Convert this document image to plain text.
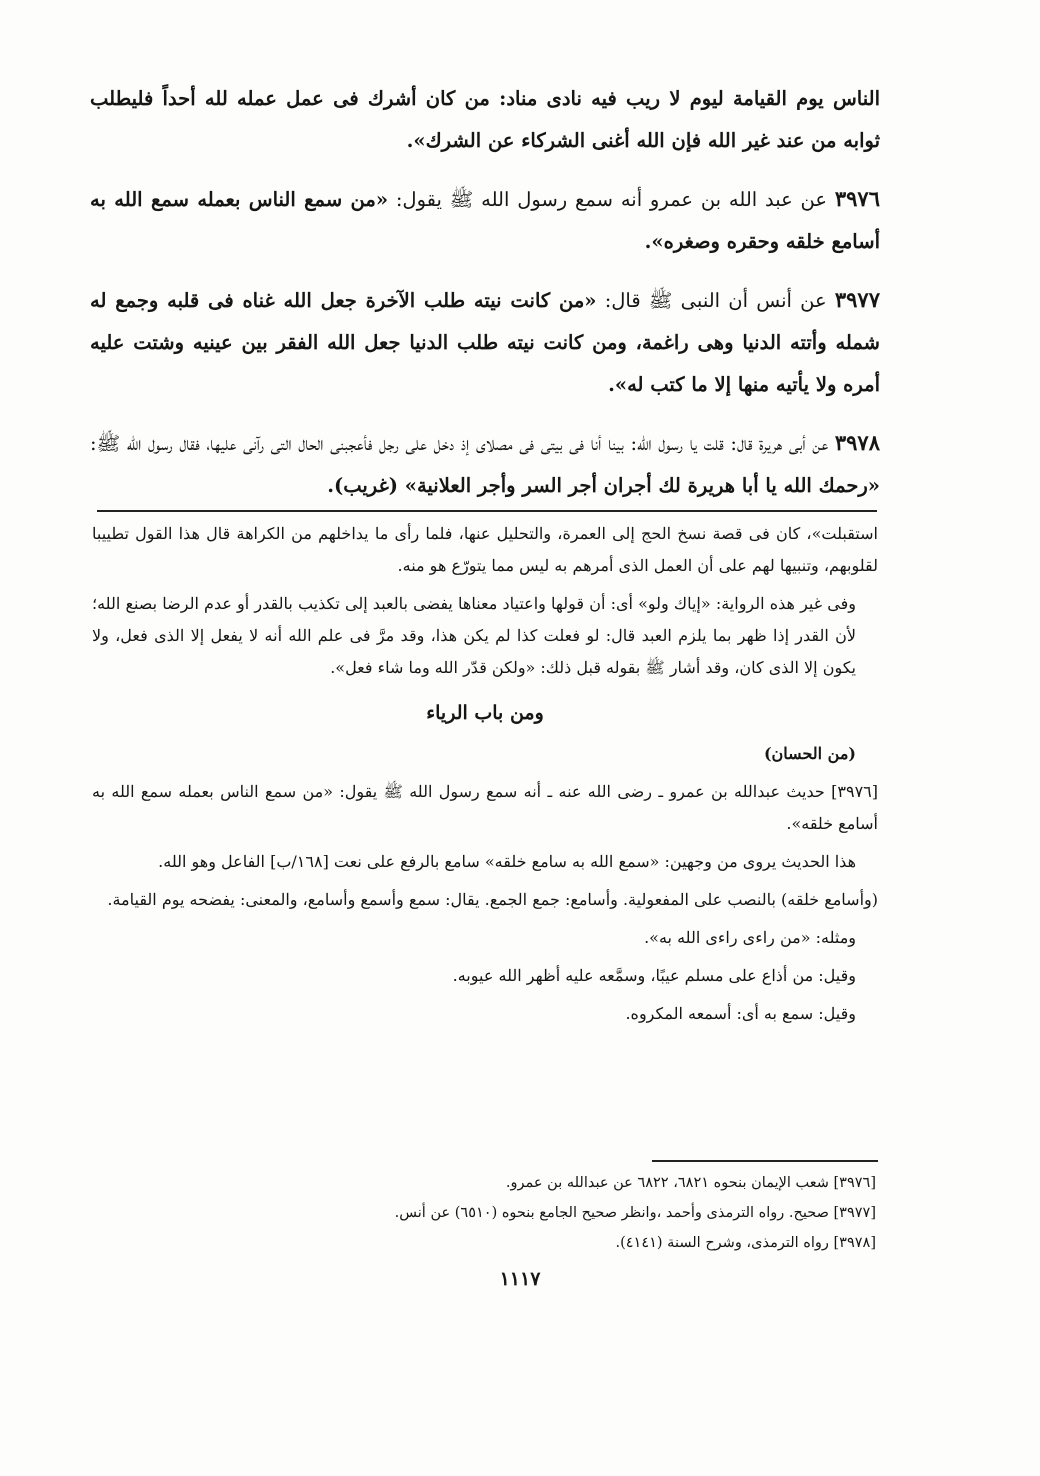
الناس يوم القيامة ليوم لا ريب فيه نادى مناد: من كان أشرك فى عمل عمله لله أحداً فليطلب ثوابه من عند غير الله فإن الله أغنى الشركاء عن الشرك».

٣٩٧٦ عن عبد الله بن عمرو أنه سمع رسول الله ﷺ يقول: «من سمع الناس بعمله سمع الله به أسامع خلقه وحقره وصغره».

٣٩٧٧ عن أنس أن النبى ﷺ قال: «من كانت نيته طلب الآخرة جعل الله غناه فى قلبه وجمع له شمله وأتته الدنيا وهى راغمة، ومن كانت نيته طلب الدنيا جعل الله الفقر بين عينيه وشتت عليه أمره ولا يأتيه منها إلا ما كتب له».

٣٩٧٨ عن أبى هريرة قال: قلت يا رسول الله: بينا أنا فى بيتى فى مصلاى إذ دخل على رجل فأعجبنى الحال التى رآنى عليها، فقال رسول الله ﷺ: «رحمك الله يا أبا هريرة لك أجران أجر السر وأجر العلانية» (غريب).

استقبلت»، كان فى قصة نسخ الحج إلى العمرة، والتحليل عنها، فلما رأى ما يداخلهم من الكراهة قال هذا القول تطييبا لقلوبهم، وتنبيها لهم على أن العمل الذى أمرهم به ليس مما يتورّع هو منه.

وفى غير هذه الرواية: «إياك ولو» أى: أن قولها واعتياد معناها يفضى بالعبد إلى تكذيب بالقدر أو عدم الرضا بصنع الله؛ لأن القدر إذا ظهر بما يلزم العبد قال: لو فعلت كذا لم يكن هذا، وقد مرَّ فى علم الله أنه لا يفعل إلا الذى فعل، ولا يكون إلا الذى كان، وقد أشار ﷺ بقوله قبل ذلك: «ولكن قدّر الله وما شاء فعل».

ومن باب الرياء

(من الحسان)

[٣٩٧٦] حديث عبدالله بن عمرو ـ رضى الله عنه ـ أنه سمع رسول الله ﷺ يقول: «من سمع الناس بعمله سمع الله به أسامع خلقه».

هذا الحديث يروى من وجهين: «سمع الله به سامع خلقه» سامع بالرفع على نعت [١٦٨/ب] الفاعل وهو الله.

(وأسامع خلقه) بالنصب على المفعولية. وأسامع: جمع الجمع. يقال: سمع وأسمع وأسامع، والمعنى: يفضحه يوم القيامة.

ومثله: «من راءى راءى الله به».

وقيل: من أذاع على مسلم عيبًا، وسمَّعه عليه أظهر الله عيوبه.

وقيل: سمع به أى: أسمعه المكروه.

[٣٩٧٦] شعب الإيمان بنحوه ٦٨٢١، ٦٨٢٢ عن عبدالله بن عمرو.

[٣٩٧٧] صحيح. رواه الترمذى وأحمد ،وانظر صحيح الجامع بنحوه (٦٥١٠) عن أنس.

[٣٩٧٨] رواه الترمذى، وشرح السنة (٤١٤١).

١١١٧
